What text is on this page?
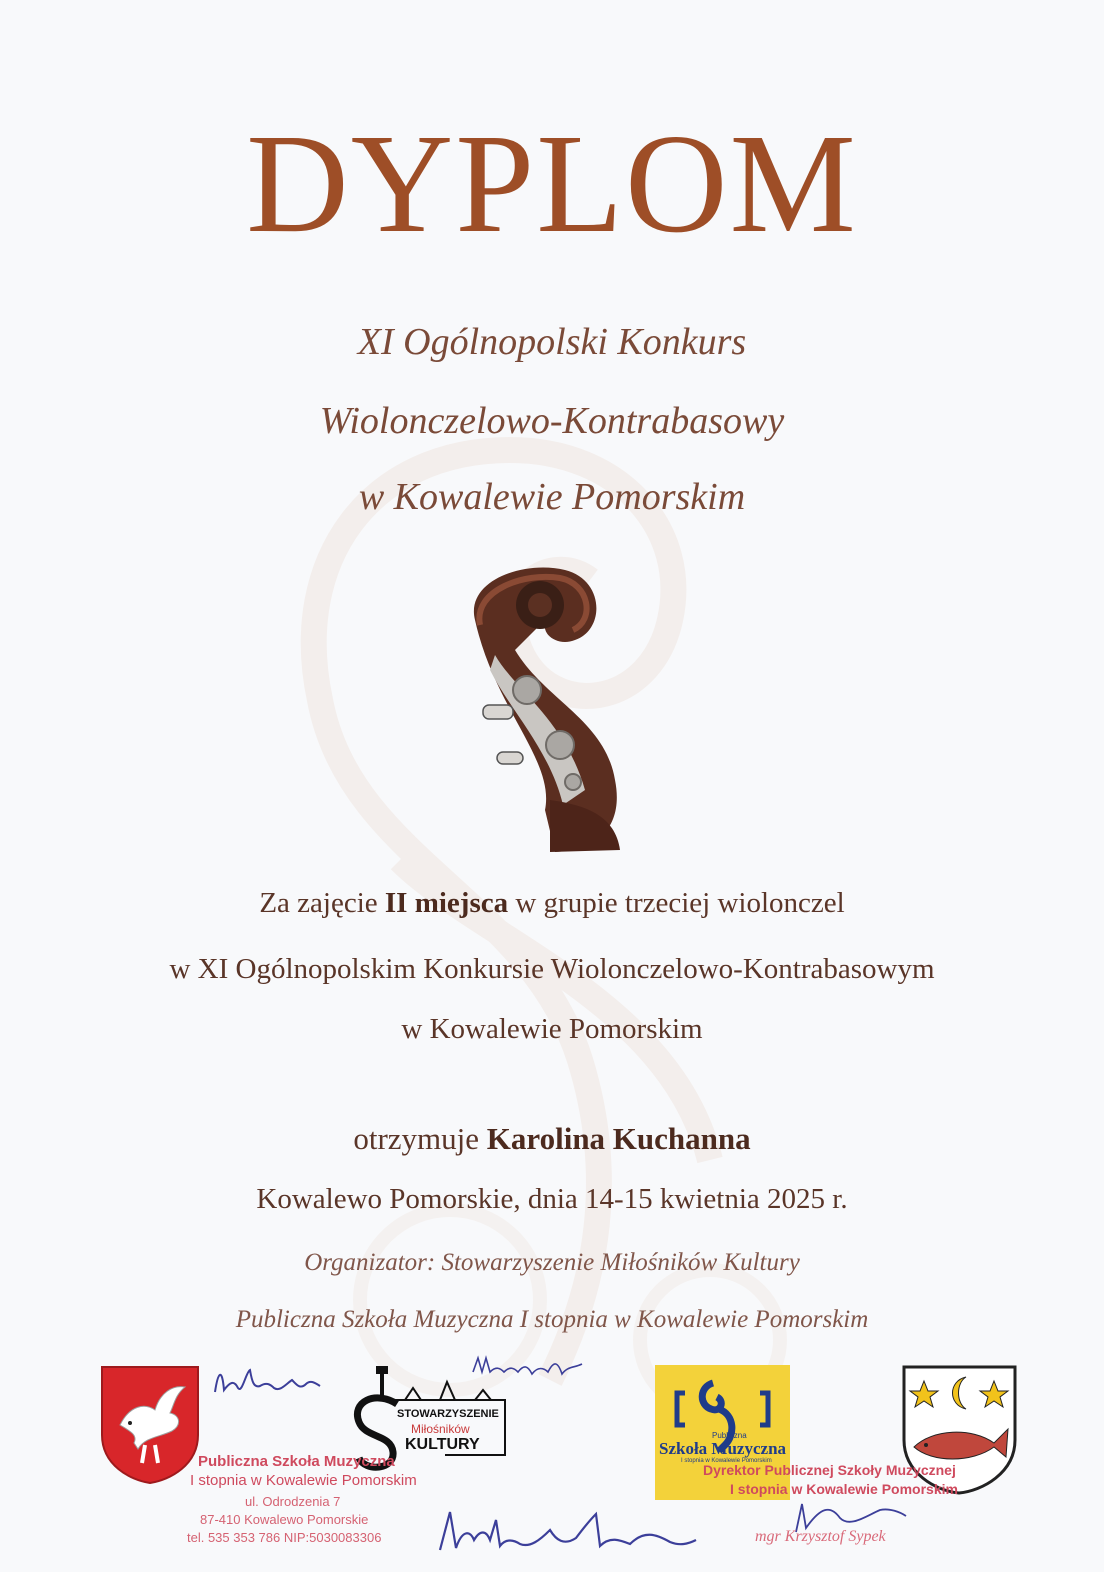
DYPLOM
XI Ogólnopolski Konkurs
Wiolonczelowo-Kontrabasowy
w Kowalewie Pomorskim
Za zajęcie II miejsca w grupie trzeciej wiolonczel
w XI Ogólnopolskim Konkursie Wiolonczelowo-Kontrabasowym
w Kowalewie Pomorskim
otrzymuje Karolina Kuchanna
Kowalewo Pomorskie, dnia 14-15 kwietnia 2025 r.
Organizator: Stowarzyszenie Miłośników Kultury
Publiczna Szkoła Muzyczna I stopnia w Kowalewie Pomorskim
STOWARZYSZENIE
Miłośników
KULTURY
Publiczna
Szkoła Muzyczna
I stopnia w Kowalewie Pomorskim
Publiczna Szkoła Muzyczna
I stopnia w Kowalewie Pomorskim
ul. Odrodzenia 7
87-410 Kowalewo Pomorskie
tel. 535 353 786 NIP:5030083306
Dyrektor Publicznej Szkoły Muzycznej
I stopnia w Kowalewie Pomorskim
mgr Krzysztof Sypek
